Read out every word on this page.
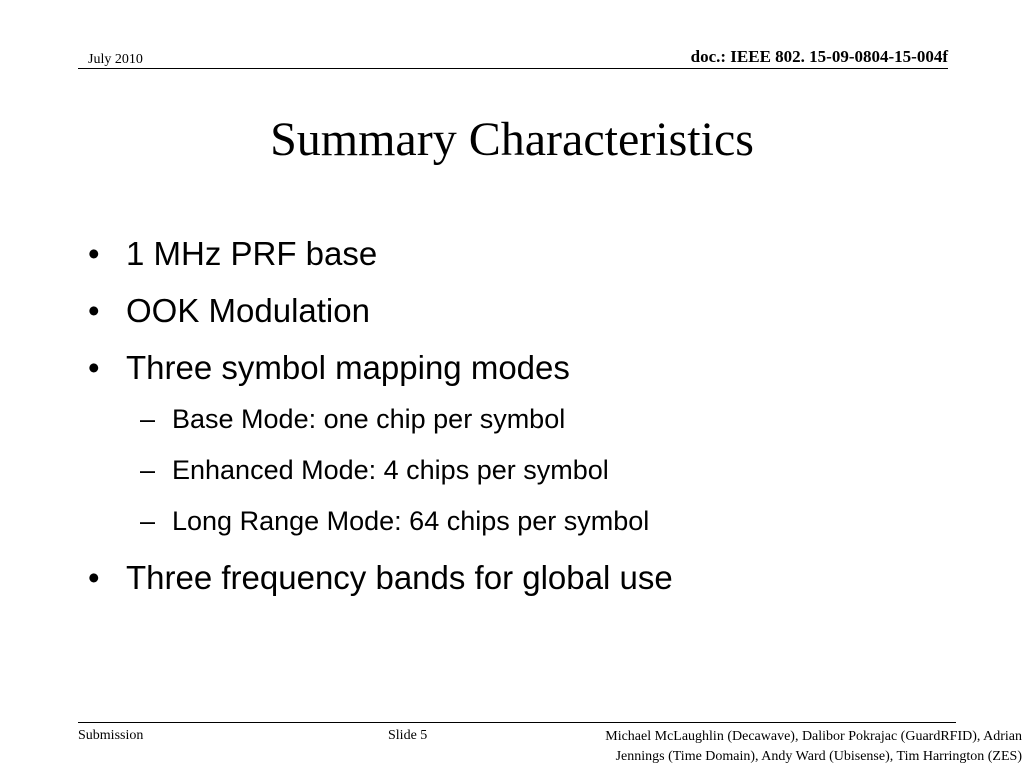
July 2010	doc.: IEEE 802. 15-09-0804-15-004f
Summary Characteristics
• 1 MHz PRF base
• OOK Modulation
• Three symbol mapping modes
– Base Mode: one chip per symbol
– Enhanced Mode: 4 chips per symbol
– Long Range Mode: 64 chips per symbol
• Three frequency bands for global use
Submission	Slide 5	Michael McLaughlin (Decawave), Dalibor Pokrajac (GuardRFID), Adrian
Jennings (Time Domain), Andy Ward (Ubisense), Tim Harrington (ZES)
